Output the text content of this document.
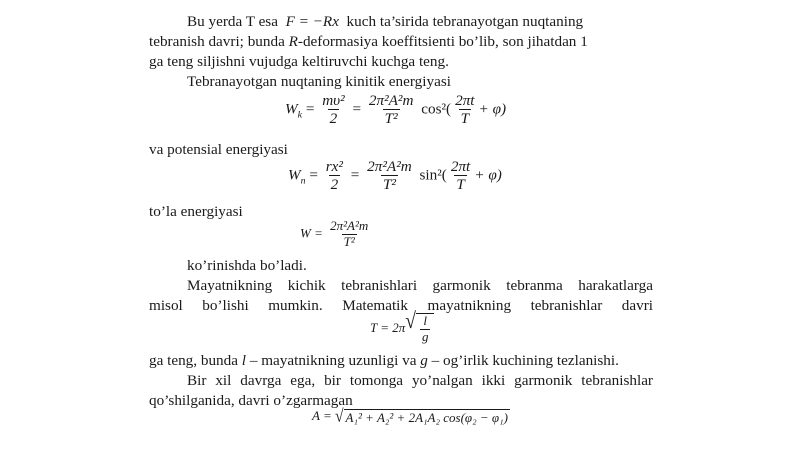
Bu yerda T esa F = −Rx kuch ta’sirida tebranayotgan nuqtaning
tebranish davri; bunda R-deformasiya koeffitsienti bo’lib, son jihatdan 1
ga teng siljishni vujudga keltiruvchi kuchga teng.
Tebranayotgan nuqtaning kinitik energiyasi
$W_k = \frac{\text{mυ²}}{2} = \frac{\text{2π²A²m}}{\text{T²}} \cos^2( \frac{2\pi t}{T} + \varphi)$
va potensial energiyasi
$W_n = \frac{\text{rx²}}{2} = \frac{\text{2π²A²m}}{\text{T²}} \sin^2( \frac{2\pi t}{T} + \varphi)$
to’la energiyasi
$W = \frac{\text{2π²A²m}}{\text{T²}}$
ko’rinishda bo’ladi.
Mayatnikning kichik tebranishlari garmonik tebranma harakatlarga
misol bo’lishi mumkin. Matematik mayatnikning tebranishlar davri
T = 2π √ $\frac{l}{g}$
ga teng, bunda l – mayatnikning uzunligi va g – og’irlik kuchining tezlanishi.
Bir xil davrga ega, bir tomonga yo’nalgan ikki garmonik tebranishlar
qo’shilganida, davri o’zgarmagan
A = √ A₁² + A₂² + 2A₁A₂ cos(φ₂ − φ₁)
